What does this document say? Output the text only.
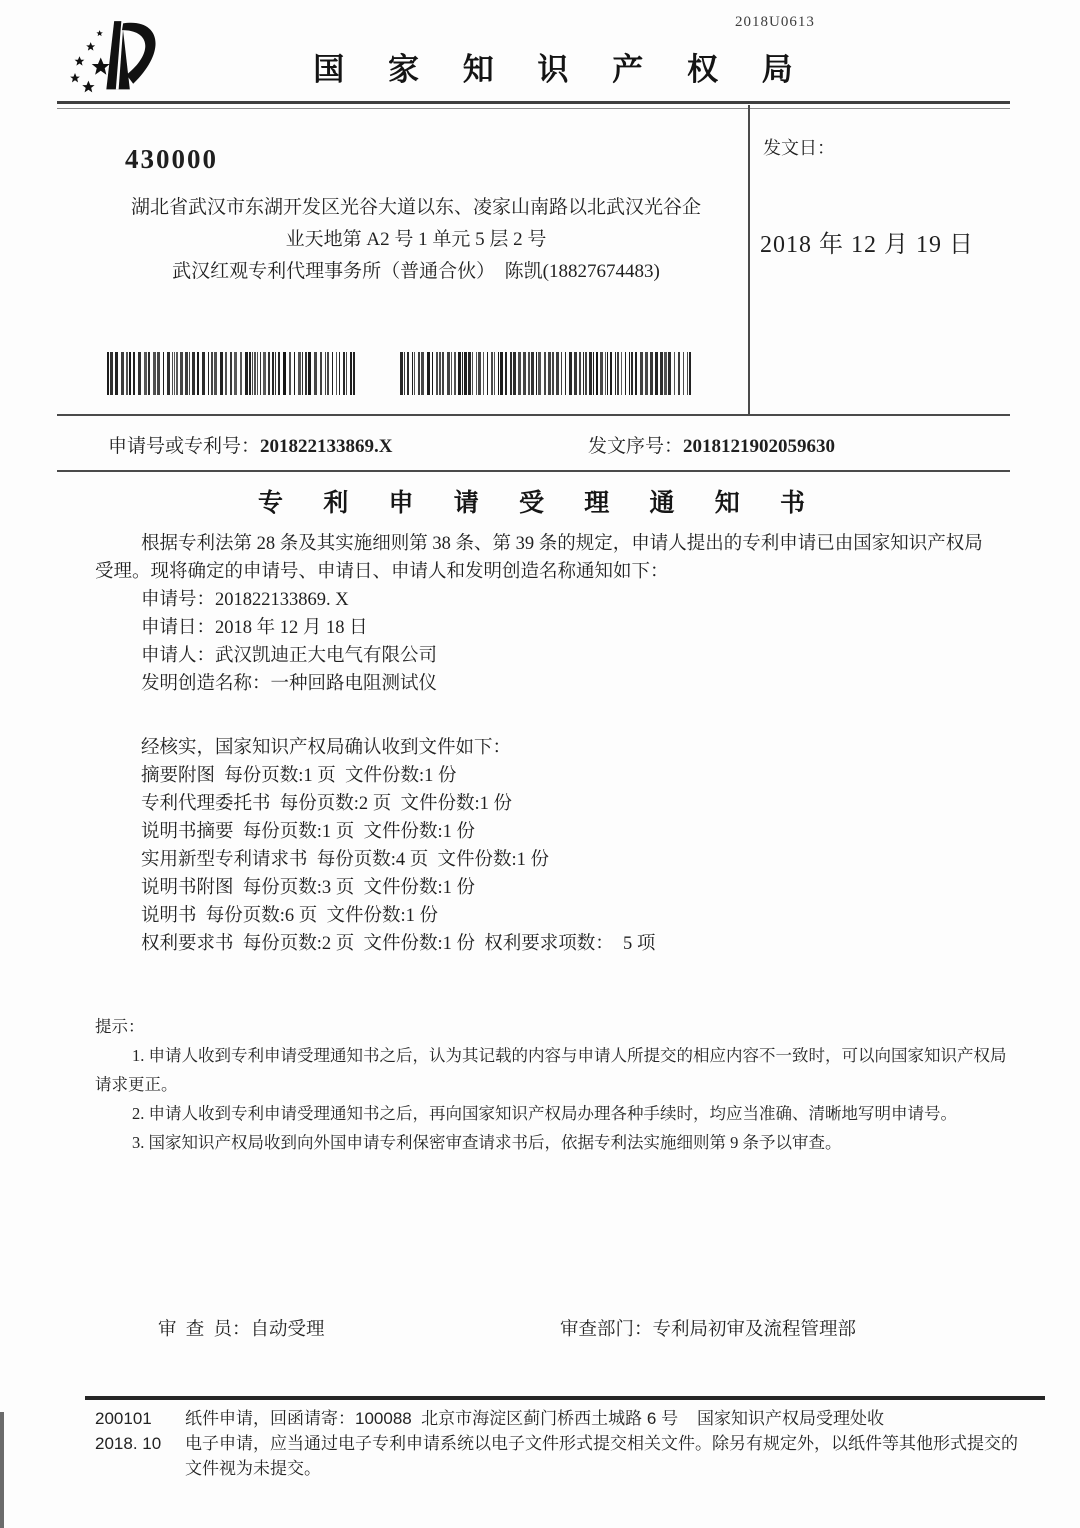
2018U0613
国 家 知 识 产 权 局
430000
湖北省武汉市东湖开发区光谷大道以东、凌家山南路以北武汉光谷企
业天地第 A2 号 1 单元 5 层 2 号
武汉红观专利代理事务所（普通合伙）  陈凯(18827674483)
发文日：
2018 年 12 月 19 日
申请号或专利号：201822133869.X	发文序号：2018121902059630
专 利 申 请 受 理 通 知 书
根据专利法第 28 条及其实施细则第 38 条、第 39 条的规定，申请人提出的专利申请已由国家知识产权局
受理。现将确定的申请号、申请日、申请人和发明创造名称通知如下：
申请号：201822133869. X
申请日：2018 年 12 月 18 日
申请人：武汉凯迪正大电气有限公司
发明创造名称：一种回路电阻测试仪
经核实，国家知识产权局确认收到文件如下：
摘要附图  每份页数:1 页  文件份数:1 份
专利代理委托书  每份页数:2 页  文件份数:1 份
说明书摘要  每份页数:1 页  文件份数:1 份
实用新型专利请求书  每份页数:4 页  文件份数:1 份
说明书附图  每份页数:3 页  文件份数:1 份
说明书  每份页数:6 页  文件份数:1 份
权利要求书  每份页数:2 页  文件份数:1 份  权利要求项数：  5 项
提示：
1. 申请人收到专利申请受理通知书之后，认为其记载的内容与申请人所提交的相应内容不一致时，可以向国家知识产权局
请求更正。
2. 申请人收到专利申请受理通知书之后，再向国家知识产权局办理各种手续时，均应当准确、清晰地写明申请号。
3. 国家知识产权局收到向外国申请专利保密审查请求书后，依据专利法实施细则第 9 条予以审查。
审  查  员：自动受理	审查部门：专利局初审及流程管理部
200101
2018. 10
纸件申请，回函请寄：100088  北京市海淀区蓟门桥西土城路 6 号    国家知识产权局受理处收
电子申请，应当通过电子专利申请系统以电子文件形式提交相关文件。除另有规定外，以纸件等其他形式提交的
文件视为未提交。
